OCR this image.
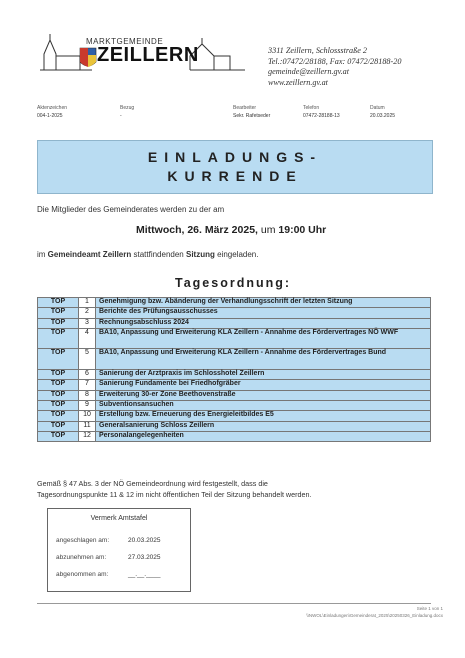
MARKTGEMEINDE
ZEILLERN	3311 Zeillern, Schlossstraße 2
Tel.:07472/28188, Fax: 07472/28188-20
gemeinde@zeillern.gv.at
www.zeillern.gv.at
Aktenzeichen
004-1-2025
Bezug
-
Bearbeiter
Sekr. Rafetseder
Telefon
07472-28188-13
Datum
20.03.2025
EINLADUNGS-
KURRENDE
Die Mitglieder des Gemeinderates werden zu der am
Mittwoch, 26. März 2025, um 19:00 Uhr
im Gemeindeamt Zeillern stattfindenden Sitzung eingeladen.
Tagesordnung:
TOP	1	Genehmigung bzw. Abänderung der Verhandlungsschrift der letzten Sitzung
TOP	2	Berichte des Prüfungsausschusses
TOP	3	Rechnungsabschluss 2024
TOP	4	BA10, Anpassung und Erweiterung KLA Zeillern - Annahme des Fördervertrages NÖ WWF
TOP	5	BA10, Anpassung und Erweiterung KLA Zeillern - Annahme des Fördervertrages Bund
TOP	6	Sanierung der Arztpraxis im Schlosshotel Zeillern
TOP	7	Sanierung Fundamente bei Friedhofgräber
TOP	8	Erweiterung 30-er Zone Beethovenstraße
TOP	9	Subventionsansuchen
TOP	10	Erstellung bzw. Erneuerung des Energieleitbildes E5
TOP	11	Generalsanierung Schloss Zeillern
TOP	12	Personalangelegenheiten
Gemäß § 47 Abs. 3 der NÖ Gemeindeordnung wird festgestellt, dass die
Tagesordnungspunkte 11 & 12 im nicht öffentlichen Teil der Sitzung behandelt werden.
Vermerk Amtstafel
angeschlagen am:	20.03.2025
abzunehmen am:	27.03.2025
abgenommen am:	__.__.____
Seite 1 von 1
\\NWOL\Einladungen\Gemeinderat_2025\20250326_Einladung.docx
